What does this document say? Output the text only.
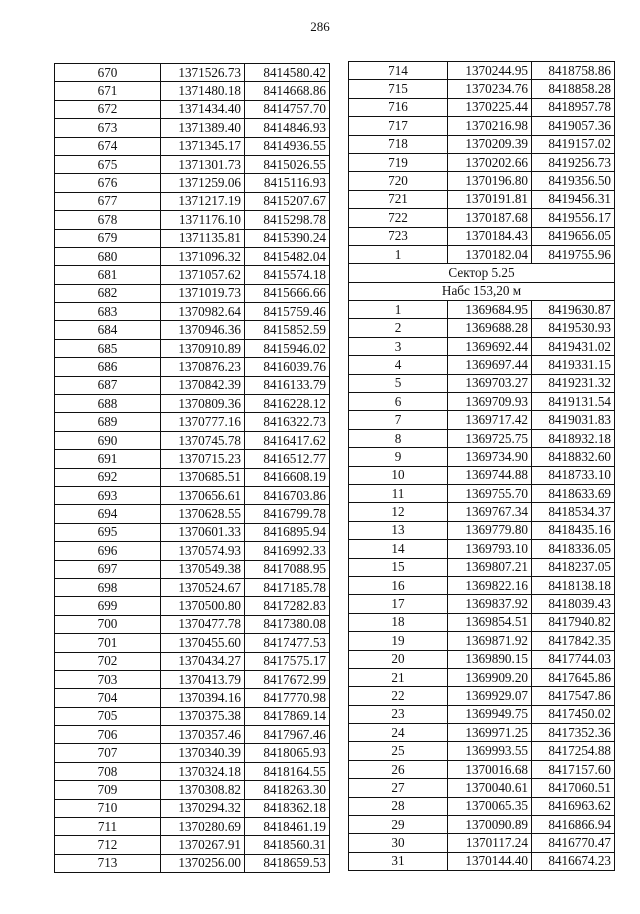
286
670	1371526.73	8414580.42
671	1371480.18	8414668.86
672	1371434.40	8414757.70
673	1371389.40	8414846.93
674	1371345.17	8414936.55
675	1371301.73	8415026.55
676	1371259.06	8415116.93
677	1371217.19	8415207.67
678	1371176.10	8415298.78
679	1371135.81	8415390.24
680	1371096.32	8415482.04
681	1371057.62	8415574.18
682	1371019.73	8415666.66
683	1370982.64	8415759.46
684	1370946.36	8415852.59
685	1370910.89	8415946.02
686	1370876.23	8416039.76
687	1370842.39	8416133.79
688	1370809.36	8416228.12
689	1370777.16	8416322.73
690	1370745.78	8416417.62
691	1370715.23	8416512.77
692	1370685.51	8416608.19
693	1370656.61	8416703.86
694	1370628.55	8416799.78
695	1370601.33	8416895.94
696	1370574.93	8416992.33
697	1370549.38	8417088.95
698	1370524.67	8417185.78
699	1370500.80	8417282.83
700	1370477.78	8417380.08
701	1370455.60	8417477.53
702	1370434.27	8417575.17
703	1370413.79	8417672.99
704	1370394.16	8417770.98
705	1370375.38	8417869.14
706	1370357.46	8417967.46
707	1370340.39	8418065.93
708	1370324.18	8418164.55
709	1370308.82	8418263.30
710	1370294.32	8418362.18
711	1370280.69	8418461.19
712	1370267.91	8418560.31
713	1370256.00	8418659.53
714	1370244.95	8418758.86
715	1370234.76	8418858.28
716	1370225.44	8418957.78
717	1370216.98	8419057.36
718	1370209.39	8419157.02
719	1370202.66	8419256.73
720	1370196.80	8419356.50
721	1370191.81	8419456.31
722	1370187.68	8419556.17
723	1370184.43	8419656.05
1	1370182.04	8419755.96
Сектор 5.25		
Набс 153,20 м		
1	1369684.95	8419630.87
2	1369688.28	8419530.93
3	1369692.44	8419431.02
4	1369697.44	8419331.15
5	1369703.27	8419231.32
6	1369709.93	8419131.54
7	1369717.42	8419031.83
8	1369725.75	8418932.18
9	1369734.90	8418832.60
10	1369744.88	8418733.10
11	1369755.70	8418633.69
12	1369767.34	8418534.37
13	1369779.80	8418435.16
14	1369793.10	8418336.05
15	1369807.21	8418237.05
16	1369822.16	8418138.18
17	1369837.92	8418039.43
18	1369854.51	8417940.82
19	1369871.92	8417842.35
20	1369890.15	8417744.03
21	1369909.20	8417645.86
22	1369929.07	8417547.86
23	1369949.75	8417450.02
24	1369971.25	8417352.36
25	1369993.55	8417254.88
26	1370016.68	8417157.60
27	1370040.61	8417060.51
28	1370065.35	8416963.62
29	1370090.89	8416866.94
30	1370117.24	8416770.47
31	1370144.40	8416674.23
